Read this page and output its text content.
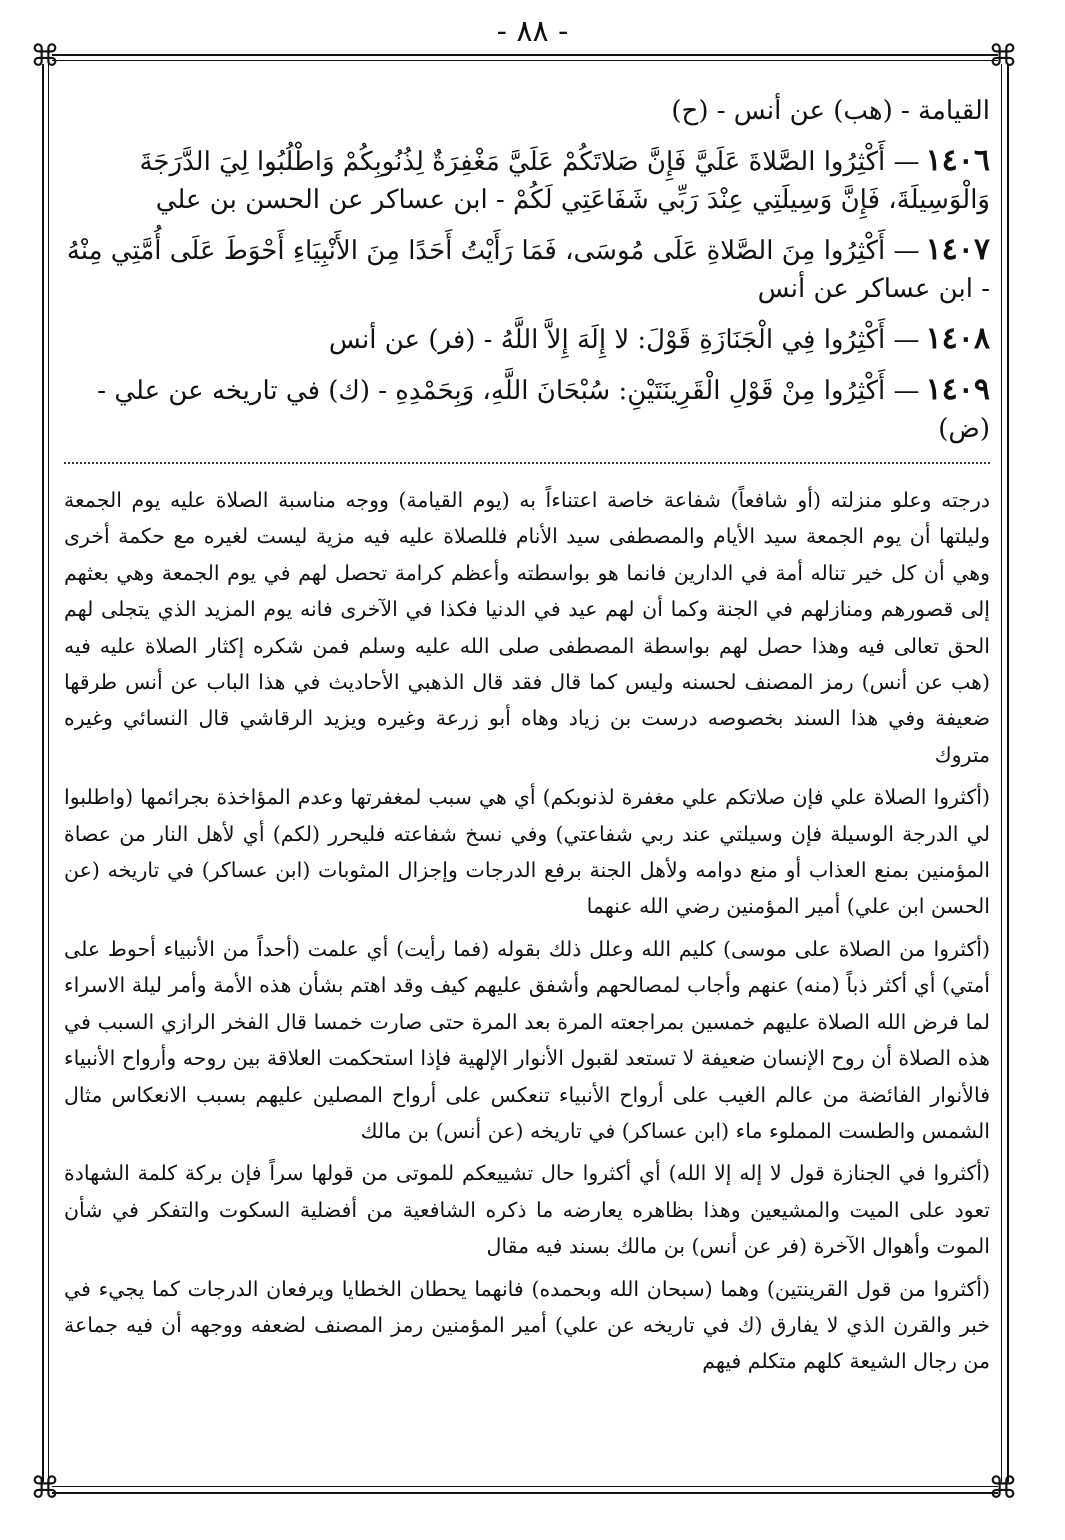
- ٨٨ -
⌘	⌘
⌘	⌘

القيامة - (هب) عن أنس - (ح)

١٤٠٦— أَكْثِرُوا الصَّلاةَ عَلَيَّ فَإِنَّ صَلاتَكُمْ عَلَيَّ مَغْفِرَةٌ لِذُنُوبِكُمْ وَاطْلُبُوا لِيَ الدَّرَجَةَ وَالْوَسِيلَةَ، فَإِنَّ وَسِيلَتِي عِنْدَ رَبِّي شَفَاعَتِي لَكُمْ - ابن عساكر عن الحسن بن علي

١٤٠٧— أَكْثِرُوا مِنَ الصَّلاةِ عَلَى مُوسَى، فَمَا رَأَيْتُ أَحَدًا مِنَ الأَنْبِيَاءِ أَحْوَطَ عَلَى أُمَّتِي مِنْهُ - ابن عساكر عن أنس

١٤٠٨— أَكْثِرُوا فِي الْجَنَازَةِ قَوْلَ: لا إِلَهَ إِلاَّ اللَّهُ - (فر) عن أنس

١٤٠٩— أَكْثِرُوا مِنْ قَوْلِ الْقَرِينَتَيْنِ: سُبْحَانَ اللَّهِ، وَبِحَمْدِهِ - (ك) في تاريخه عن علي - (ض)

درجته وعلو منزلته (أو شافعاً) شفاعة خاصة اعتناءاً به (يوم القيامة) ووجه مناسبة الصلاة عليه يوم الجمعة وليلتها أن يوم الجمعة سيد الأيام والمصطفى سيد الأنام فللصلاة عليه فيه مزية ليست لغيره مع حكمة أخرى وهي أن كل خير تناله أمة في الدارين فانما هو بواسطته وأعظم كرامة تحصل لهم في يوم الجمعة وهي بعثهم إلى قصورهم ومنازلهم في الجنة وكما أن لهم عيد في الدنيا فكذا في الآخرى فانه يوم المزيد الذي يتجلى لهم الحق تعالى فيه وهذا حصل لهم بواسطة المصطفى صلى الله عليه وسلم فمن شكره إكثار الصلاة عليه فيه (هب عن أنس) رمز المصنف لحسنه وليس كما قال فقد قال الذهبي الأحاديث في هذا الباب عن أنس طرقها ضعيفة وفي هذا السند بخصوصه درست بن زياد وهاه أبو زرعة وغيره ويزيد الرقاشي قال النسائي وغيره متروك

(أكثروا الصلاة علي فإن صلاتكم علي مغفرة لذنوبكم) أي هي سبب لمغفرتها وعدم المؤاخذة بجرائمها (واطلبوا لي الدرجة الوسيلة فإن وسيلتي عند ربي شفاعتي) وفي نسخ شفاعته فليحرر (لكم) أي لأهل النار من عصاة المؤمنين بمنع العذاب أو منع دوامه ولأهل الجنة برفع الدرجات وإجزال المثوبات (ابن عساكر) في تاريخه (عن الحسن ابن علي) أمير المؤمنين رضي الله عنهما

(أكثروا من الصلاة على موسى) كليم الله وعلل ذلك بقوله (فما رأيت) أي علمت (أحداً من الأنبياء أحوط على أمتي) أي أكثر ذباً (منه) عنهم وأجاب لمصالحهم وأشفق عليهم كيف وقد اهتم بشأن هذه الأمة وأمر ليلة الاسراء لما فرض الله الصلاة عليهم خمسين بمراجعته المرة بعد المرة حتى صارت خمسا قال الفخر الرازي السبب في هذه الصلاة أن روح الإنسان ضعيفة لا تستعد لقبول الأنوار الإلهية فإذا استحكمت العلاقة بين روحه وأرواح الأنبياء فالأنوار الفائضة من عالم الغيب على أرواح الأنبياء تنعكس على أرواح المصلين عليهم بسبب الانعكاس مثال الشمس والطست المملوء ماء (ابن عساكر) في تاريخه (عن أنس) بن مالك

(أكثروا في الجنازة قول لا إله إلا الله) أي أكثروا حال تشييعكم للموتى من قولها سراً فإن بركة كلمة الشهادة تعود على الميت والمشيعين وهذا بظاهره يعارضه ما ذكره الشافعية من أفضلية السكوت والتفكر في شأن الموت وأهوال الآخرة (فر عن أنس) بن مالك بسند فيه مقال

(أكثروا من قول القرينتين) وهما (سبحان الله وبحمده) فانهما يحطان الخطايا ويرفعان الدرجات كما يجيء في خبر والقرن الذي لا يفارق (ك في تاريخه عن علي) أمير المؤمنين رمز المصنف لضعفه ووجهه أن فيه جماعة من رجال الشيعة كلهم متكلم فيهم
